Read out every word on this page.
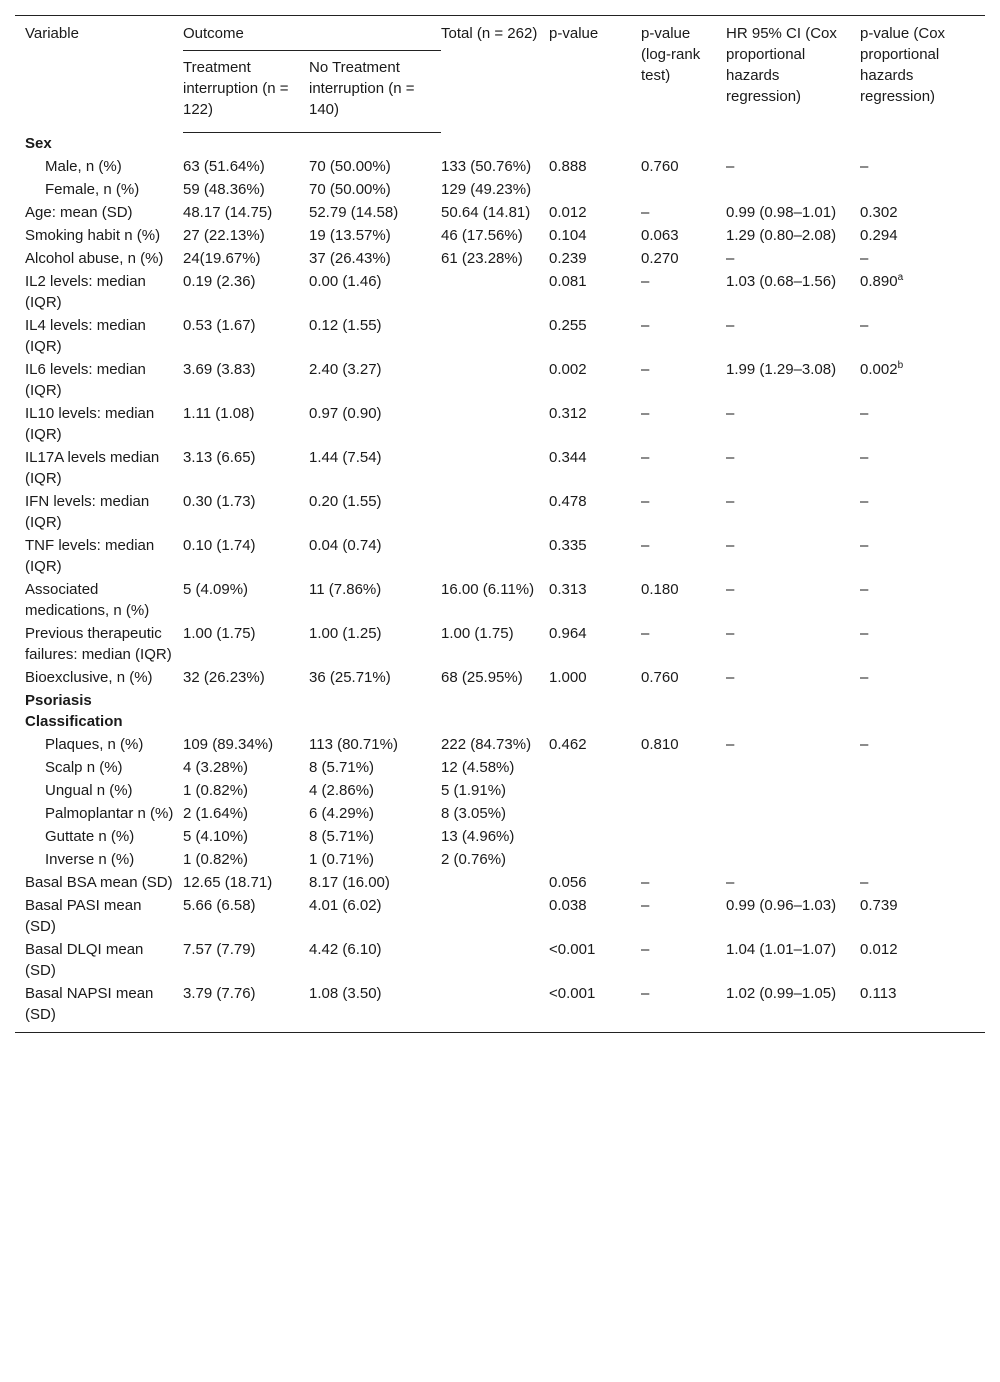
Variable	Outcome		Total (n = 262)	p-value	p-value (log-rank test)	HR 95% CI (Cox proportional hazards regression)	p-value (Cox proportional hazards regression)
	Treatment interruption (n = 122)	No Treatment interruption (n = 140)					
Sex							
Male, n (%)	63 (51.64%)	70 (50.00%)	133 (50.76%)	0.888	0.760	–	–
Female, n (%)	59 (48.36%)	70 (50.00%)	129 (49.23%)				
Age: mean (SD)	48.17 (14.75)	52.79 (14.58)	50.64 (14.81)	0.012	–	0.99 (0.98–1.01)	0.302
Smoking habit n (%)	27 (22.13%)	19 (13.57%)	46 (17.56%)	0.104	0.063	1.29 (0.80–2.08)	0.294
Alcohol abuse, n (%)	24(19.67%)	37 (26.43%)	61 (23.28%)	0.239	0.270	–	–
IL2 levels: median (IQR)	0.19 (2.36)	0.00 (1.46)		0.081	–	1.03 (0.68–1.56)	0.890$^a$
IL4 levels: median (IQR)	0.53 (1.67)	0.12 (1.55)		0.255	–	–	–
IL6 levels: median (IQR)	3.69 (3.83)	2.40 (3.27)		0.002	–	1.99 (1.29–3.08)	0.002$^b$
IL10 levels: median (IQR)	1.11 (1.08)	0.97 (0.90)		0.312	–	–	–
IL17A levels median (IQR)	3.13 (6.65)	1.44 (7.54)		0.344	–	–	–
IFN levels: median (IQR)	0.30 (1.73)	0.20 (1.55)		0.478	–	–	–
TNF levels: median (IQR)	0.10 (1.74)	0.04 (0.74)		0.335	–	–	–
Associated medications, n (%)	5 (4.09%)	11 (7.86%)	16.00 (6.11%)	0.313	0.180	–	–
Previous therapeutic failures: median (IQR)	1.00 (1.75)	1.00 (1.25)	1.00 (1.75)	0.964	–	–	–
Bioexclusive, n (%)	32 (26.23%)	36 (25.71%)	68 (25.95%)	1.000	0.760	–	–
Psoriasis Classification							
Plaques, n (%)	109 (89.34%)	113 (80.71%)	222 (84.73%)	0.462	0.810	–	–
Scalp n (%)	4 (3.28%)	8 (5.71%)	12 (4.58%)				
Ungual n (%)	1 (0.82%)	4 (2.86%)	5 (1.91%)				
Palmoplantar n (%)	2 (1.64%)	6 (4.29%)	8 (3.05%)				
Guttate n (%)	5 (4.10%)	8 (5.71%)	13 (4.96%)				
Inverse n (%)	1 (0.82%)	1 (0.71%)	2 (0.76%)				
Basal BSA mean (SD)	12.65 (18.71)	8.17 (16.00)		0.056	–	–	–
Basal PASI mean (SD)	5.66 (6.58)	4.01 (6.02)		0.038	–	0.99 (0.96–1.03)	0.739
Basal DLQI mean (SD)	7.57 (7.79)	4.42 (6.10)		<0.001	–	1.04 (1.01–1.07)	0.012
Basal NAPSI mean (SD)	3.79 (7.76)	1.08 (3.50)		<0.001	–	1.02 (0.99–1.05)	0.113
